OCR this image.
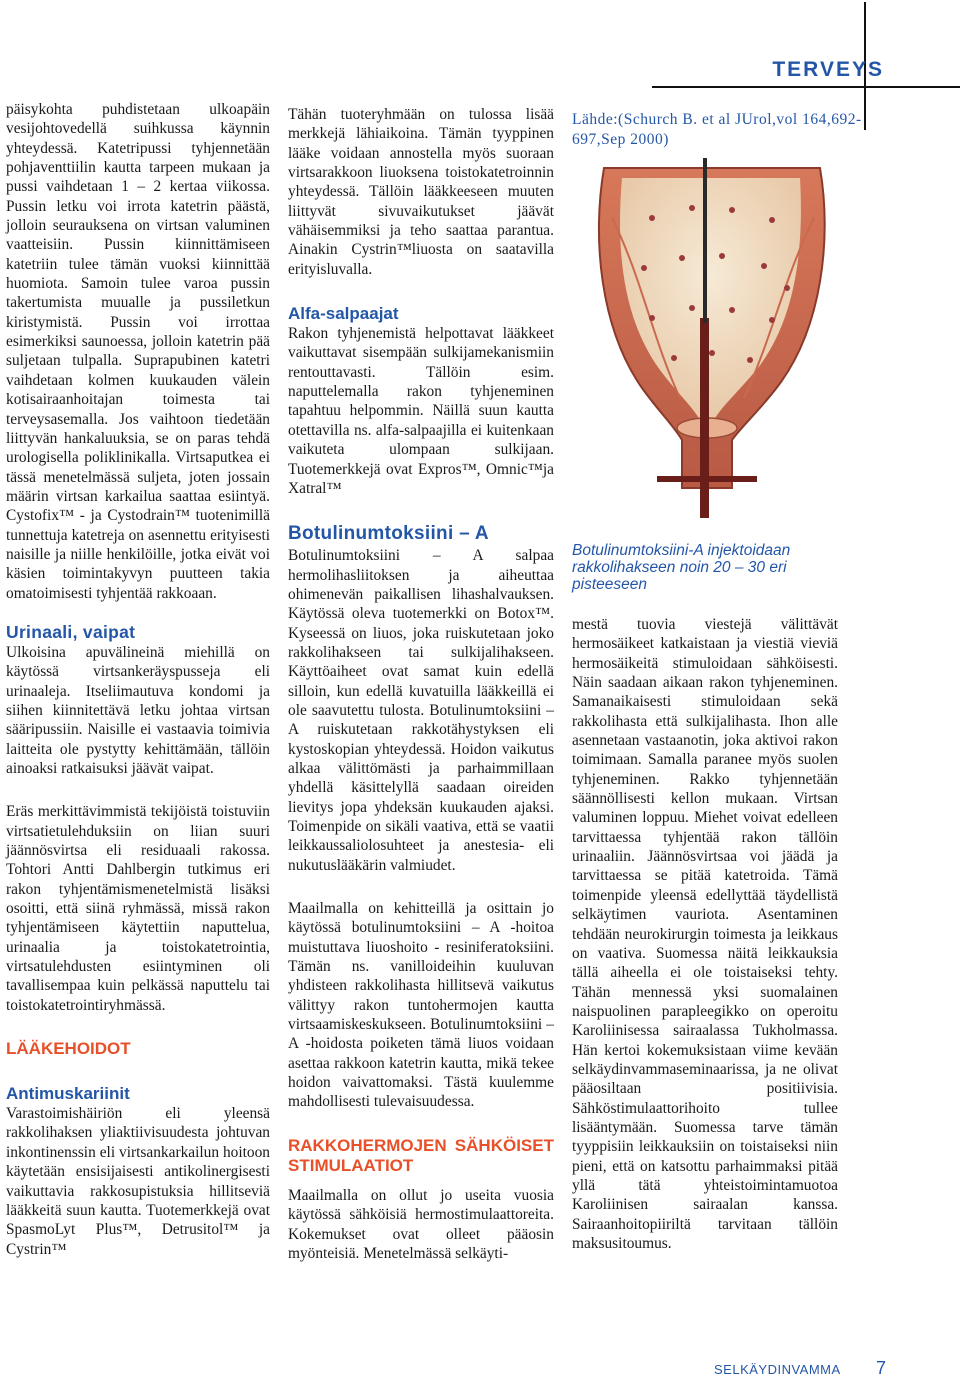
TERVEYS

päisykohta puhdistetaan ulkoapäin vesijohtovedellä suihkussa käynnin yhteydessä. Katetripussi tyhjennetään pohjaventtiilin kautta tarpeen mukaan ja pussi vaihdetaan 1 – 2 kertaa viikossa. Pussin letku voi irrota katetrin päästä, jolloin seurauksena on virtsan valuminen vaatteisiin. Pussin kiinnittämiseen katetriin tulee tämän vuoksi kiinnittää huomiota. Samoin tulee varoa pussin takertumista muualle ja pussiletkun kiristymistä. Pussin voi irrottaa esimerkiksi saunoessa, jolloin katetrin pää suljetaan tulpalla. Suprapubinen katetri vaihdetaan kolmen kuukauden välein kotisairaanhoitajan toimesta tai terveysasemalla. Jos vaihtoon tiedetään liittyvän hankaluuksia, se on paras tehdä urologisella poliklinikalla. Virtsaputkea ei tässä menetelmässä suljeta, joten jossain määrin virtsan karkailua saattaa esiintyä. Cystofix™ - ja Cystodrain™ tuotenimillä tunnettuja katetreja on asennettu erityisesti naisille ja niille henkilöille, jotka eivät voi käsien toimintakyvyn puutteen takia omatoimisesti tyhjentää rakkoaan.

Urinaali, vaipat

Ulkoisina apuvälineinä miehillä on käytössä virtsankeräyspusseja eli urinaaleja. Itseliimautuva kondomi ja siihen kiinnitettävä letku johtaa virtsan sääripussiin. Naisille ei vastaavia toimivia laitteita ole pystytty kehittämään, tällöin ainoaksi ratkaisuksi jäävät vaipat.

Eräs merkittävimmistä tekijöistä toistuviin virtsatietulehduksiin on liian suuri jäännösvirtsa eli residuaali rakossa. Tohtori Antti Dahlbergin tutkimus eri rakon tyhjentämismenetelmistä lisäksi osoitti, että siinä ryhmässä, missä rakon tyhjentämiseen käytettiin naputtelua, urinaalia ja toistokatetrointia, virtsatulehdusten esiintyminen oli tavallisempaa kuin pelkässä naputtelu tai toistokatetrointiryhmässä.

LÄÄKEHOIDOT
Antimuskariinit

Varastoimishäiriön eli yleensä rakkolihaksen yliaktiivisuudesta johtuvan inkontinenssin eli virtsankarkailun hoitoon käytetään ensisijaisesti antikolinergisesti vaikuttavia rakkosupistuksia hillitseviä lääkkeitä suun kautta. Tuotemerkkejä ovat SpasmoLyt Plus™, Detrusitol™ ja Cystrin™

Tähän tuoteryhmään on tulossa lisää merkkejä lähiaikoina. Tämän tyyppinen lääke voidaan annostella myös suoraan virtsarakkoon liuoksena toistokatetroinnin yhteydessä. Tällöin lääkkeeseen muuten liittyvät sivuvaikutukset jäävät vähäisemmiksi ja teho saattaa parantua. Ainakin Cystrin™liuosta on saatavilla erityisluvalla.

Alfa-salpaajat

Rakon tyhjenemistä helpottavat lääkkeet vaikuttavat sisempään sulkijamekanismiin rentouttavasti. Tällöin esim. naputtelemalla rakon tyhjeneminen tapahtuu helpommin. Näillä suun kautta otettavilla ns. alfa-salpaajilla ei kuitenkaan vaikuteta ulompaan sulkijaan. Tuotemerkkejä ovat Expros™, Omnic™ja Xatral™

Botulinumtoksiini – A

Botulinumtoksiini – A salpaa hermolihasliitoksen ja aiheuttaa ohimenevän paikallisen lihashalvauksen. Käytössä oleva tuotemerkki on Botox™. Kyseessä on liuos, joka ruiskutetaan joko rakkolihakseen tai sulkijalihakseen. Käyttöaiheet ovat samat kuin edellä silloin, kun edellä kuvatuilla lääkkeillä ei ole saavutettu tulosta. Botulinumtoksiini – A ruiskutetaan rakkotähystyksen eli kystoskopian yhteydessä. Hoidon vaikutus alkaa välittömästi ja parhaimmillaan yhdellä käsittelyllä saadaan oireiden lievitys jopa yhdeksän kuukauden ajaksi. Toimenpide on sikäli vaativa, että se vaatii leikkaussaliolosuhteet ja anestesia- eli nukutuslääkärin valmiudet.

Maailmalla on kehitteillä ja osittain jo käytössä botulinumtoksiini – A -hoitoa muistuttava liuoshoito - resiniferatoksiini. Tämän ns. vanilloideihin kuuluvan yhdisteen rakkolihasta hillitsevä vaikutus välittyy rakon tuntohermojen kautta virtsaamiskeskukseen. Botulinumtoksiini – A -hoidosta poiketen tämä liuos voidaan asettaa rakkoon katetrin kautta, mikä tekee hoidon vaivattomaksi. Tästä kuulemme mahdollisesti tulevaisuudessa.

RAKKOHERMOJEN SÄHKÖISET STIMULAATIOT

Maailmalla on ollut jo useita vuosia käytössä sähköisiä hermostimulaattoreita. Kokemukset ovat olleet pääosin myönteisiä. Menetelmässä selkäyti-

Lähde:(Schurch B. et al JUrol,vol 164,692-697,Sep 2000)
Botulinumtoksiini-A injektoidaan rakkolihakseen noin 20 – 30 eri pisteeseen

mestä tuovia viestejä välittävät hermosäikeet katkaistaan ja viestiä vieviä hermosäikeitä stimuloidaan sähköisesti. Näin saadaan aikaan rakon tyhjeneminen. Samanaikaisesti stimuloidaan sekä rakkolihasta että sulkijalihasta. Ihon alle asennetaan vastaanotin, joka aktivoi rakon toimimaan. Samalla paranee myös suolen tyhjeneminen. Rakko tyhjennetään säännöllisesti kellon mukaan. Virtsan valuminen loppuu. Miehet voivat edelleen tarvittaessa tyhjentää rakon tällöin urinaaliin. Jäännösvirtsaa voi jäädä ja tarvittaessa se pitää katetroida. Tämä toimenpide yleensä edellyttää täydellistä selkäytimen vauriota. Asentaminen tehdään neurokirurgin toimesta ja leikkaus on vaativa. Suomessa näitä leikkauksia tällä aiheella ei ole toistaiseksi tehty. Tähän mennessä yksi suomalainen naispuolinen parapleegikko on operoitu Karoliinisessa sairaalassa Tukholmassa. Hän kertoi kokemuksistaan viime kevään selkäydinvammaseminaarissa, ja ne olivat pääosiltaan positiivisia. Sähköstimulaattorihoito tullee lisääntymään. Suomessa tarve tämän tyyppisiin leikkauksiin on toistaiseksi niin pieni, että on katsottu parhaimmaksi pitää yllä tätä yhteistoimintamuotoa Karoliinisen sairaalan kanssa. Sairaanhoitopiiriltä tarvitaan tällöin maksusitoumus.

SELKÄYDINVAMMA 7
